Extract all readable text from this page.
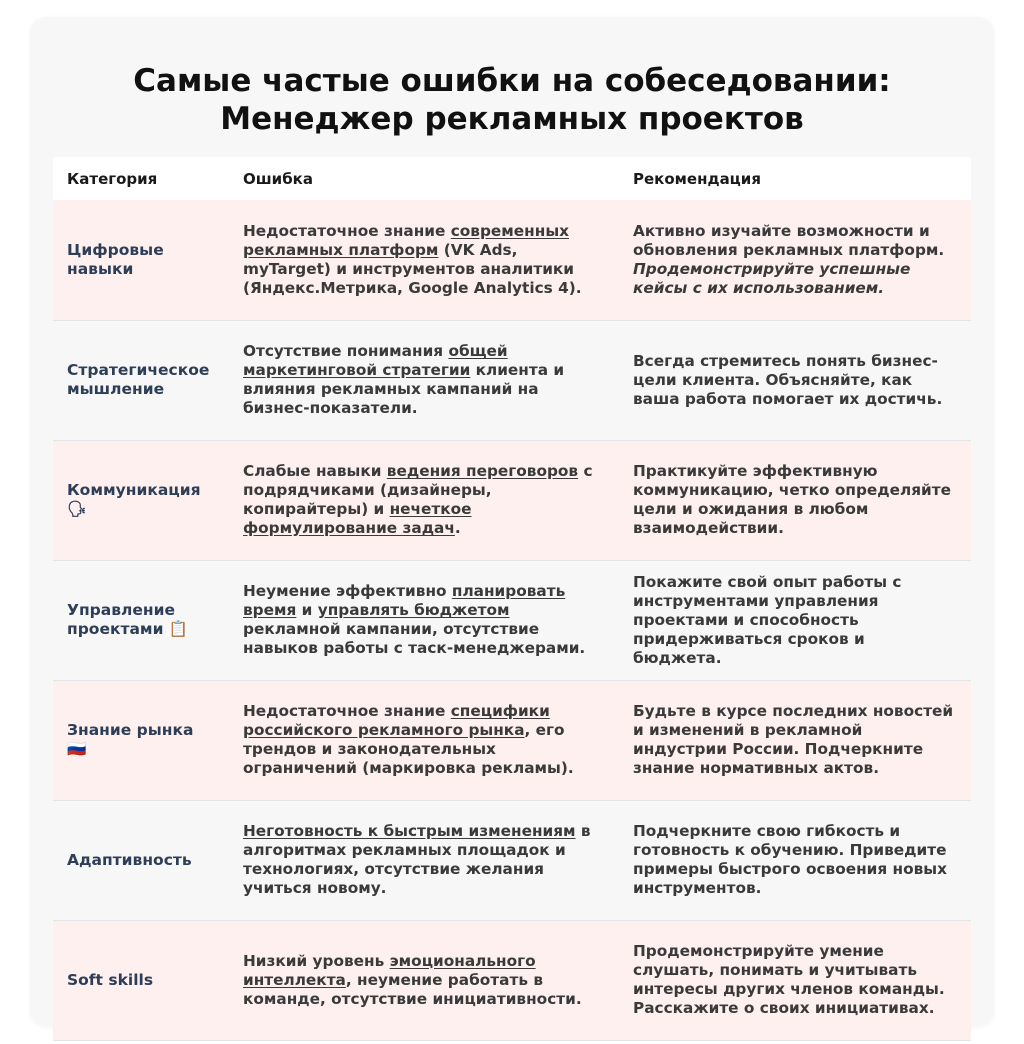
Самые частые ошибки на собеседовании:
Менеджер рекламных проектов
Категория	Ошибка	Рекомендация
Цифровые навыки	Недостаточное знание современных рекламных платформ (VK Ads, myTarget) и инструментов аналитики (Яндекс.Метрика, Google Analytics 4).	Активно изучайте возможности и обновления рекламных платформ. Продемонстрируйте успешные кейсы с их использованием.
Стратегическое мышление	Отсутствие понимания общей маркетинговой стратегии клиента и влияния рекламных кампаний на бизнес-показатели.	Всегда стремитесь понять бизнес-цели клиента. Объясняйте, как ваша работа помогает их достичь.
Коммуникация 🗣	Слабые навыки ведения переговоров с подрядчиками (дизайнеры, копирайтеры) и нечеткое формулирование задач.	Практикуйте эффективную коммуникацию, четко определяйте цели и ожидания в любом взаимодействии.
Управление проектами 📋	Неумение эффективно планировать время и управлять бюджетом рекламной кампании, отсутствие навыков работы с таск-менеджерами.	Покажите свой опыт работы с инструментами управления проектами и способность придерживаться сроков и бюджета.
Знание рынка 🇷🇺	Недостаточное знание специфики российского рекламного рынка, его трендов и законодательных ограничений (маркировка рекламы).	Будьте в курсе последних новостей и изменений в рекламной индустрии России. Подчеркните знание нормативных актов.
Адаптивность	Неготовность к быстрым изменениям в алгоритмах рекламных площадок и технологиях, отсутствие желания учиться новому.	Подчеркните свою гибкость и готовность к обучению. Приведите примеры быстрого освоения новых инструментов.
Soft skills	Низкий уровень эмоционального интеллекта, неумение работать в команде, отсутствие инициативности.	Продемонстрируйте умение слушать, понимать и учитывать интересы других членов команды. Расскажите о своих инициативах.
